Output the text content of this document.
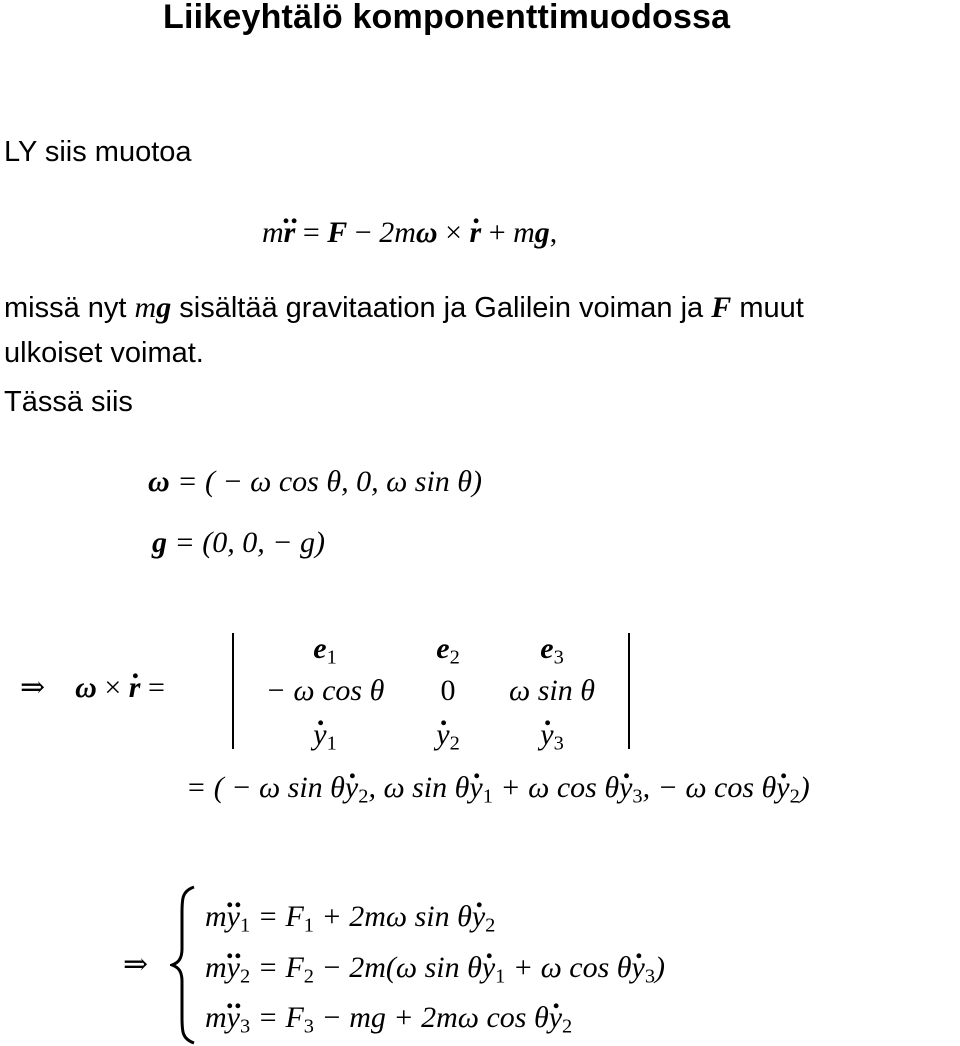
Liikeyhtälö komponenttimuodossa
LY siis muotoa
mr .. = F − 2mω × r . + mg,
missä nyt mg sisältää gravitaation ja Galilein voiman ja F muut
ulkoiset voimat.
Tässä siis
ω = ( − ω cos θ, 0, ω sin θ)
g = (0, 0, − g)
⇒ ω × r . =
$e_1$	$e_2$	$e_3$
− ω cos θ	0	ω sin θ
y $._1$	y $._2$	y $._3$
= ( − ω sin θy $._2$, ω sin θy $._1 + \omega$ cos θy $._3$, − ω cos θy $._2$)
⇒
my $.._1 = F_1 + 2m\omega$ sin θy $._2$
my $.._2 = F_2 - 2m(\omega$ sin θy $._1 + \omega$ cos θy $._3$)
my $.._3 = F_3$ − mg + 2mω cos θy $._2$
